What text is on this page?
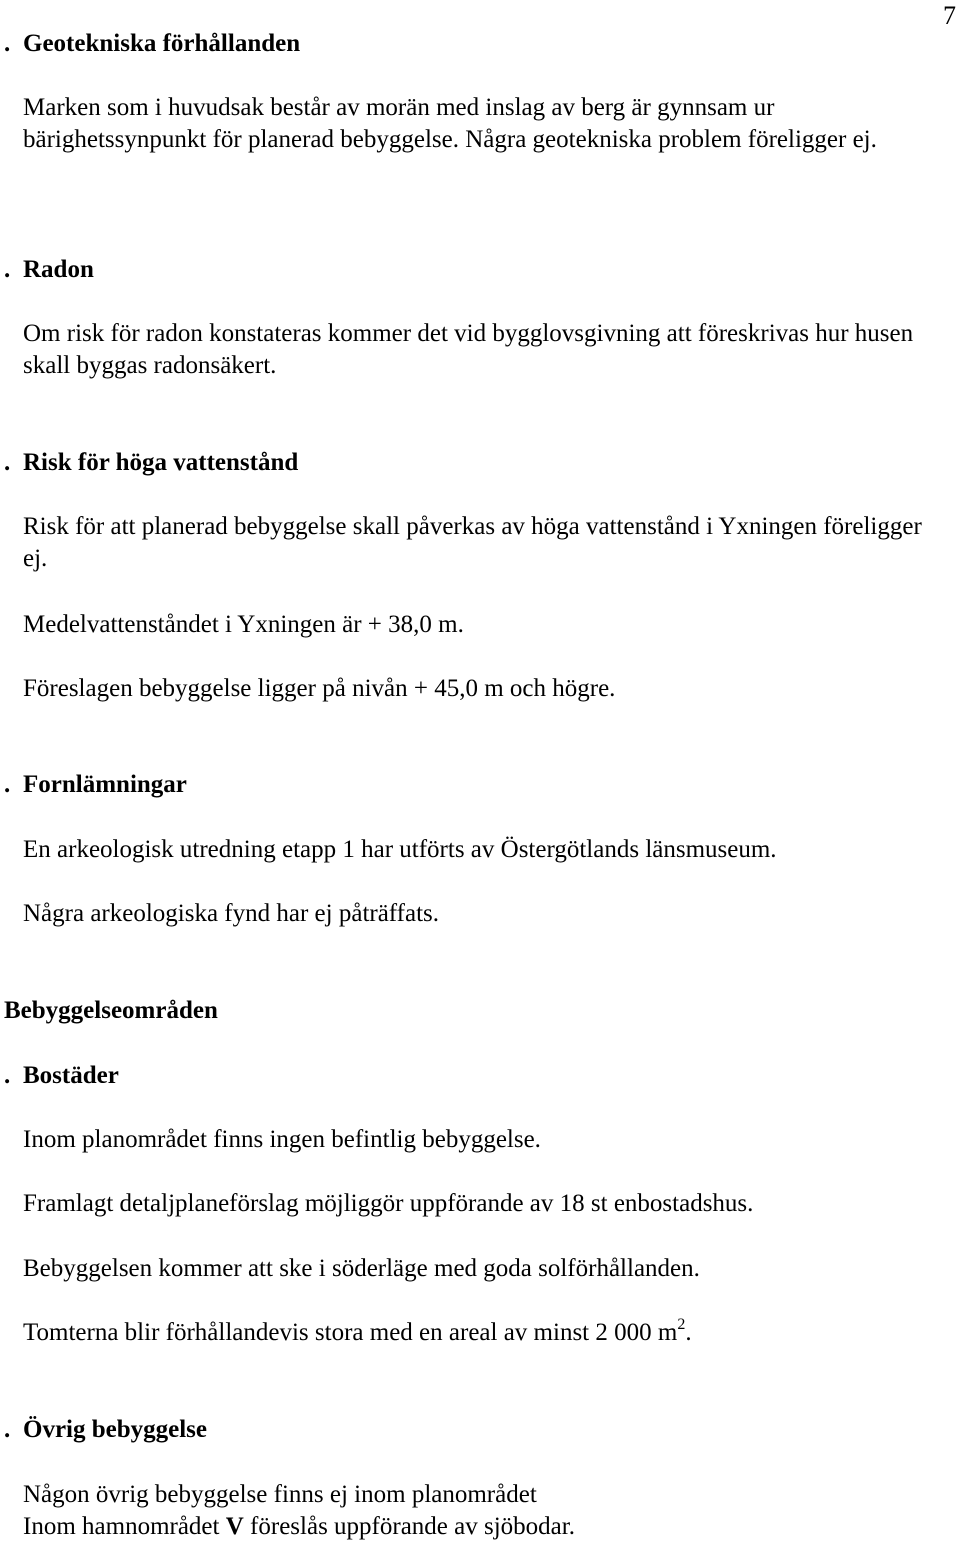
7
. Geotekniska förhållanden

Marken som i huvudsak består av morän med inslag av berg är gynnsam ur bärighetssynpunkt för planerad bebyggelse. Några geotekniska problem föreligger ej.

. Radon

Om risk för radon konstateras kommer det vid bygglovsgivning att föreskrivas hur husen skall byggas radonsäkert.

. Risk för höga vattenstånd

Risk för att planerad bebyggelse skall påverkas av höga vattenstånd i Yxningen föreligger ej.

Medelvattenståndet i Yxningen är + 38,0 m.

Föreslagen bebyggelse ligger på nivån + 45,0 m och högre.

. Fornlämningar

En arkeologisk utredning etapp 1 har utförts av Östergötlands länsmuseum.

Några arkeologiska fynd har ej påträffats.

Bebyggelseområden
. Bostäder

Inom planområdet finns ingen befintlig bebyggelse.

Framlagt detaljplaneförslag möjliggör uppförande av 18 st enbostadshus.

Bebyggelsen kommer att ske i söderläge med goda solförhållanden.

Tomterna blir förhållandevis stora med en areal av minst 2 000 $m^2$.

. Övrig bebyggelse

Någon övrig bebyggelse finns ej inom planområdet

Inom hamnområdet V föreslås uppförande av sjöbodar.
